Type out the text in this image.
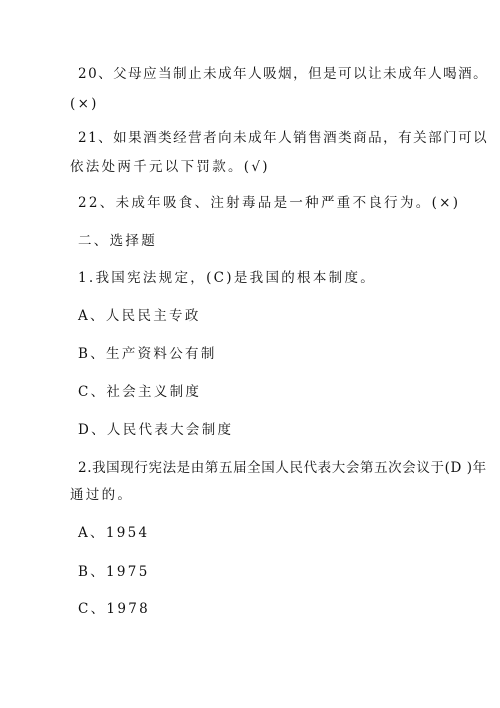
20、父母应当制止未成年人吸烟，但是可以让未成年人喝酒。
(×)
21、如果酒类经营者向未成年人销售酒类商品，有关部门可以
依法处两千元以下罚款。(√)
22、未成年吸食、注射毒品是一种严重不良行为。(×)
二、选择题
1.我国宪法规定，(C)是我国的根本制度。
A、人民民主专政
B、生产资料公有制
C、社会主义制度
D、人民代表大会制度
2.我国现行宪法是由第五届全国人民代表大会第五次会议于(D )年
通过的。
A、1954
B、1975
C、1978
